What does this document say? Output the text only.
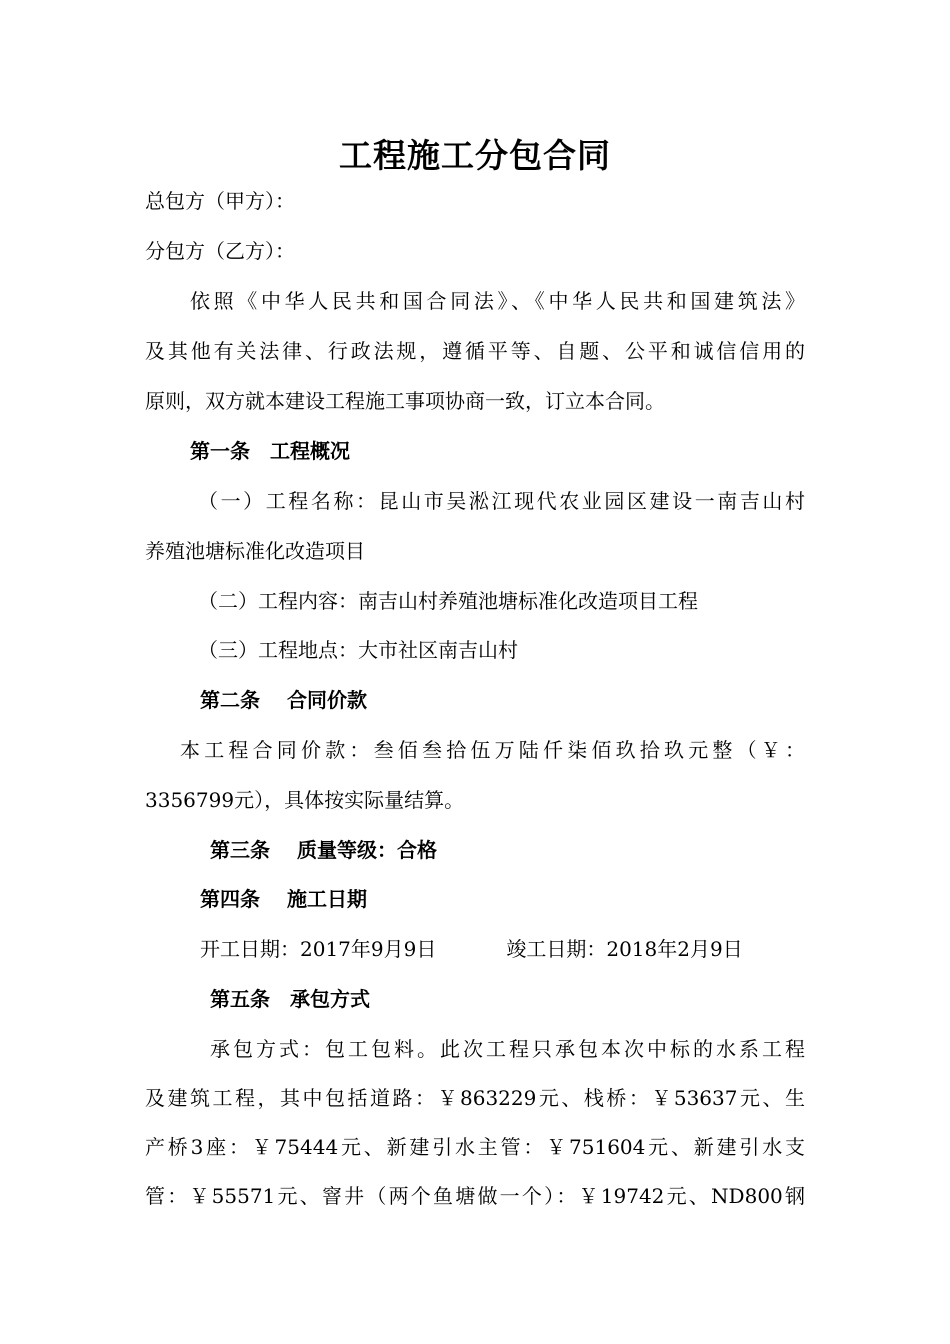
工程施工分包合同
总包方（甲方）：
分包方（乙方）：
依照《中华人民共和国合同法》、《中华人民共和国建筑法》
及其他有关法律、行政法规，遵循平等、自题、公平和诚信信用的
原则，双方就本建设工程施工事项协商一致，订立本合同。
第一条　工程概况
（一）工程名称：昆山市吴淞江现代农业园区建设一南吉山村
养殖池塘标准化改造项目
（二）工程内容：南吉山村养殖池塘标准化改造项目工程
（三）工程地点：大市社区南吉山村
第二条　 合同价款
本工程合同价款：叁佰叁拾伍万陆仟柒佰玖拾玖元整（￥：
3356799元），具体按实际量结算。
第三条　 质量等级：合格
第四条　 施工日期
开工日期：2017年9月9日	竣工日期：2018年2月9日
第五条　承包方式
承包方式：包工包料。此次工程只承包本次中标的水系工程
及建筑工程，其中包括道路：￥863229元、栈桥：￥53637元、生
产桥3座：￥75444元、新建引水主管：￥751604元、新建引水支
管：￥55571元、窨井（两个鱼塘做一个）：￥19742元、ND800钢
